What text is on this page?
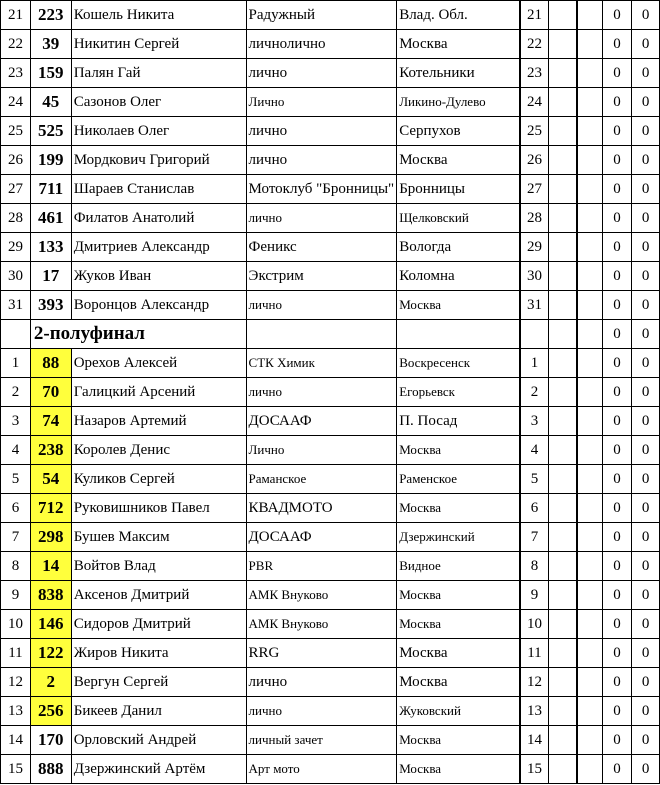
21	223	Кошель Никита	Радужный	Влад. Обл.	21			0	0
22	39	Никитин Сергей	личнолично	Москва	22			0	0
23	159	Палян Гай	лично	Котельники	23			0	0
24	45	Сазонов Олег	Лично	Ликино-Дулево	24			0	0
25	525	Николаев Олег	лично	Серпухов	25			0	0
26	199	Мордкович Григорий	лично	Москва	26			0	0
27	711	Шараев Станислав	Мотоклуб "Бронницы"	Бронницы	27			0	0
28	461	Филатов Анатолий	лично	Щелковский	28			0	0
29	133	Дмитриев Александр	Феникс	Вологда	29			0	0
30	17	Жуков Иван	Экстрим	Коломна	30			0	0
31	393	Воронцов Александр	лично	Москва	31			0	0
	2-полуфинал							0	0
1	88	Орехов Алексей	СТК Химик	Воскресенск	1			0	0
2	70	Галицкий Арсений	лично	Егорьевск	2			0	0
3	74	Назаров Артемий	ДОСААФ	П. Посад	3			0	0
4	238	Королев Денис	Лично	Москва	4			0	0
5	54	Куликов Сергей	Раманское	Раменское	5			0	0
6	712	Руковишников Павел	КВАДМОТО	Москва	6			0	0
7	298	Бушев Максим	ДОСААФ	Дзержинский	7			0	0
8	14	Войтов Влад	PBR	Видное	8			0	0
9	838	Аксенов Дмитрий	АМК Внуково	Москва	9			0	0
10	146	Сидоров Дмитрий	АМК Внуково	Москва	10			0	0
11	122	Жиров Никита	RRG	Москва	11			0	0
12	2	Вергун Сергей	лично	Москва	12			0	0
13	256	Бикеев Данил	лично	Жуковский	13			0	0
14	170	Орловский Андрей	личный зачет	Москва	14			0	0
15	888	Дзержинский Артём	Арт мото	Москва	15			0	0
